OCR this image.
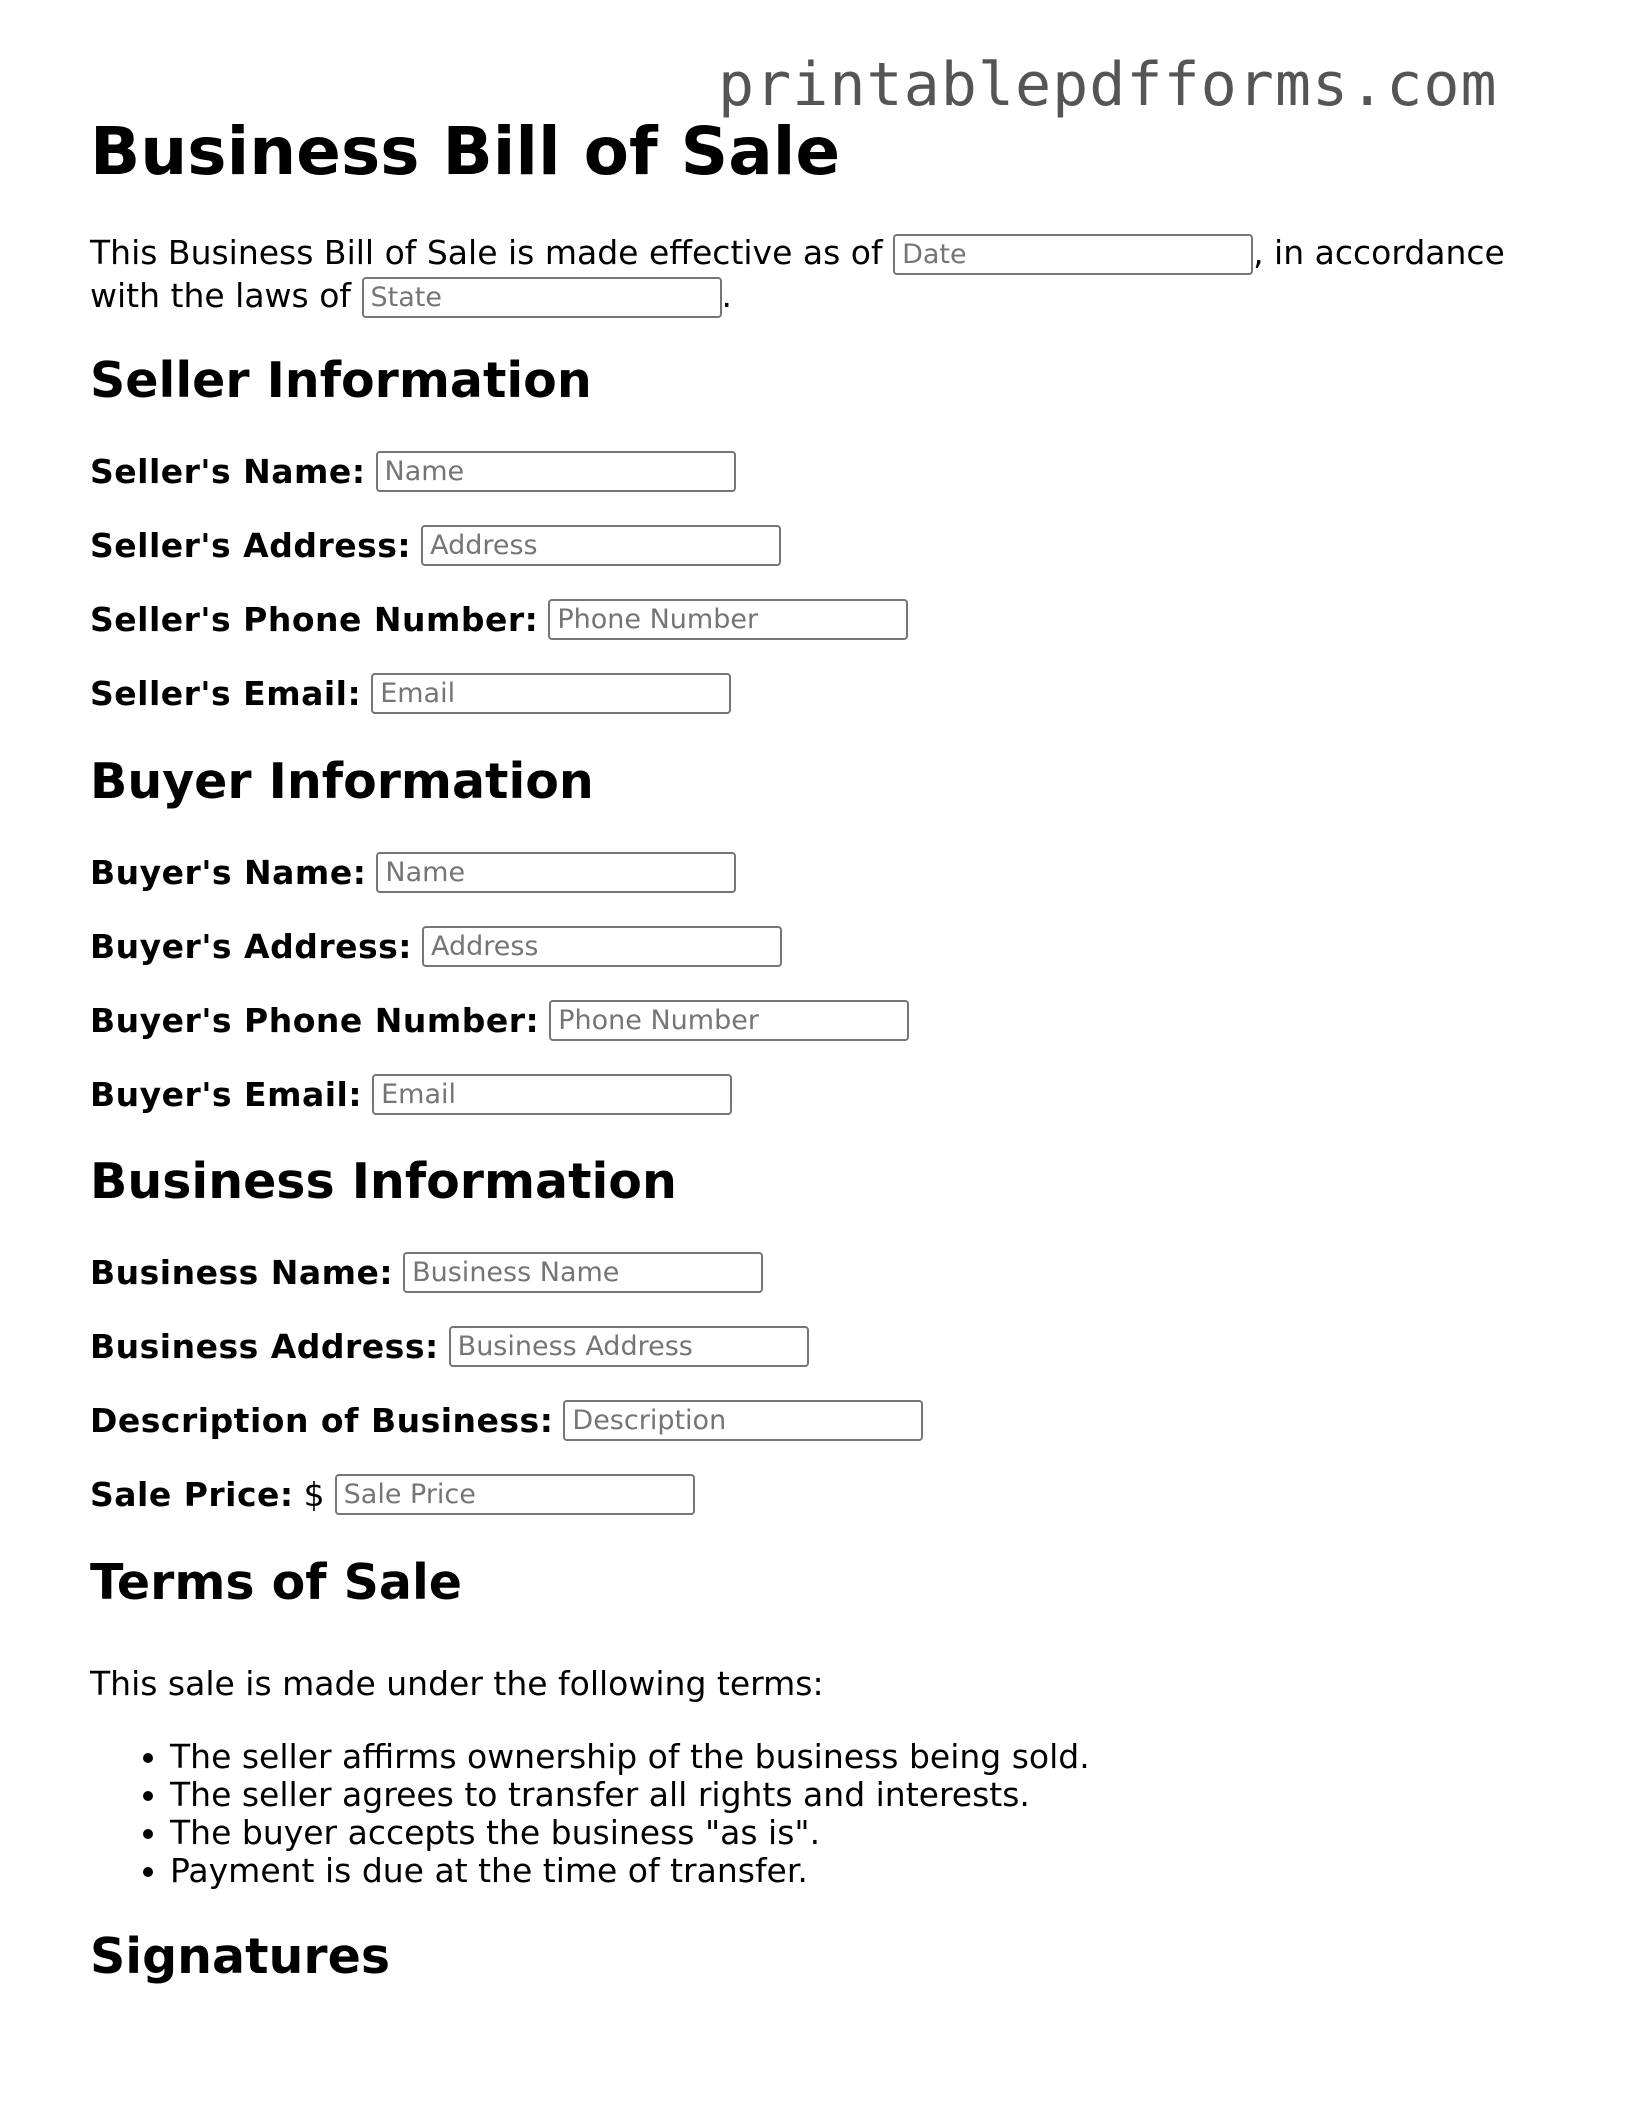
printablepdfforms.com
Business Bill of Sale

This Business Bill of Sale is made effective as of Date	, in accordance with the laws of State	.

Seller Information
Seller's Name:
Name
Seller's Address:
Address
Seller's Phone Number:
Phone Number
Seller's Email:
Email
Buyer Information
Buyer's Name:
Name
Buyer's Address:
Address
Buyer's Phone Number:
Phone Number
Buyer's Email:
Email
Business Information
Business Name:
Business Name
Business Address:
Business Address
Description of Business:
Description
Sale Price: $
Sale Price
Terms of Sale

This sale is made under the following terms:

• The seller affirms ownership of the business being sold.
• The seller agrees to transfer all rights and interests.
• The buyer accepts the business "as is".
• Payment is due at the time of transfer.
Signatures
